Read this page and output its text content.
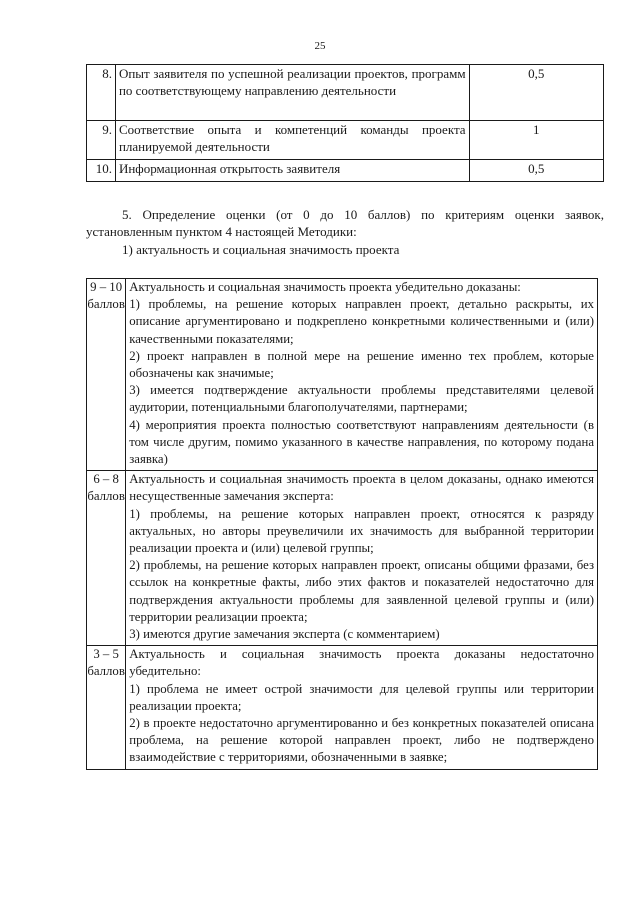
25
8.	Опыт заявителя по успешной реализации проектов, программ по соответствующему направлению деятельности	0,5
9.	Соответствие опыта и компетенций команды проекта планируемой деятельности	1
10.	Информационная открытость заявителя	0,5
5. Определение оценки (от 0 до 10 баллов) по критериям оценки заявок, установленным пунктом 4 настоящей Методики:
1) актуальность и социальная значимость проекта
9 – 10 баллов	Актуальность и социальная значимость проекта убедительно доказаны:
1) проблемы, на решение которых направлен проект, детально раскрыты, их описание аргументировано и подкреплено конкретными количественными и (или) качественными показателями;
2) проект направлен в полной мере на решение именно тех проблем, которые обозначены как значимые;
3) имеется подтверждение актуальности проблемы представителями целевой аудитории, потенциальными благополучателями, партнерами;
4) мероприятия проекта полностью соответствуют направлениям деятельности (в том числе другим, помимо указанного в качестве направления, по которому подана заявка)

6 – 8 баллов	Актуальность и социальная значимость проекта в целом доказаны, однако имеются несущественные замечания эксперта:
1) проблемы, на решение которых направлен проект, относятся к разряду актуальных, но авторы преувеличили их значимость для выбранной территории реализации проекта и (или) целевой группы;
2) проблемы, на решение которых направлен проект, описаны общими фразами, без ссылок на конкретные факты, либо этих фактов и показателей недостаточно для подтверждения актуальности проблемы для заявленной целевой группы и (или) территории реализации проекта;
3) имеются другие замечания эксперта (с комментарием)

3 – 5 баллов	Актуальность и социальная значимость проекта доказаны недостаточно убедительно:
1) проблема не имеет острой значимости для целевой группы или территории реализации проекта;
2) в проекте недостаточно аргументированно и без конкретных показателей описана проблема, на решение которой направлен проект, либо не подтверждено взаимодействие с территориями, обозначенными в заявке;
